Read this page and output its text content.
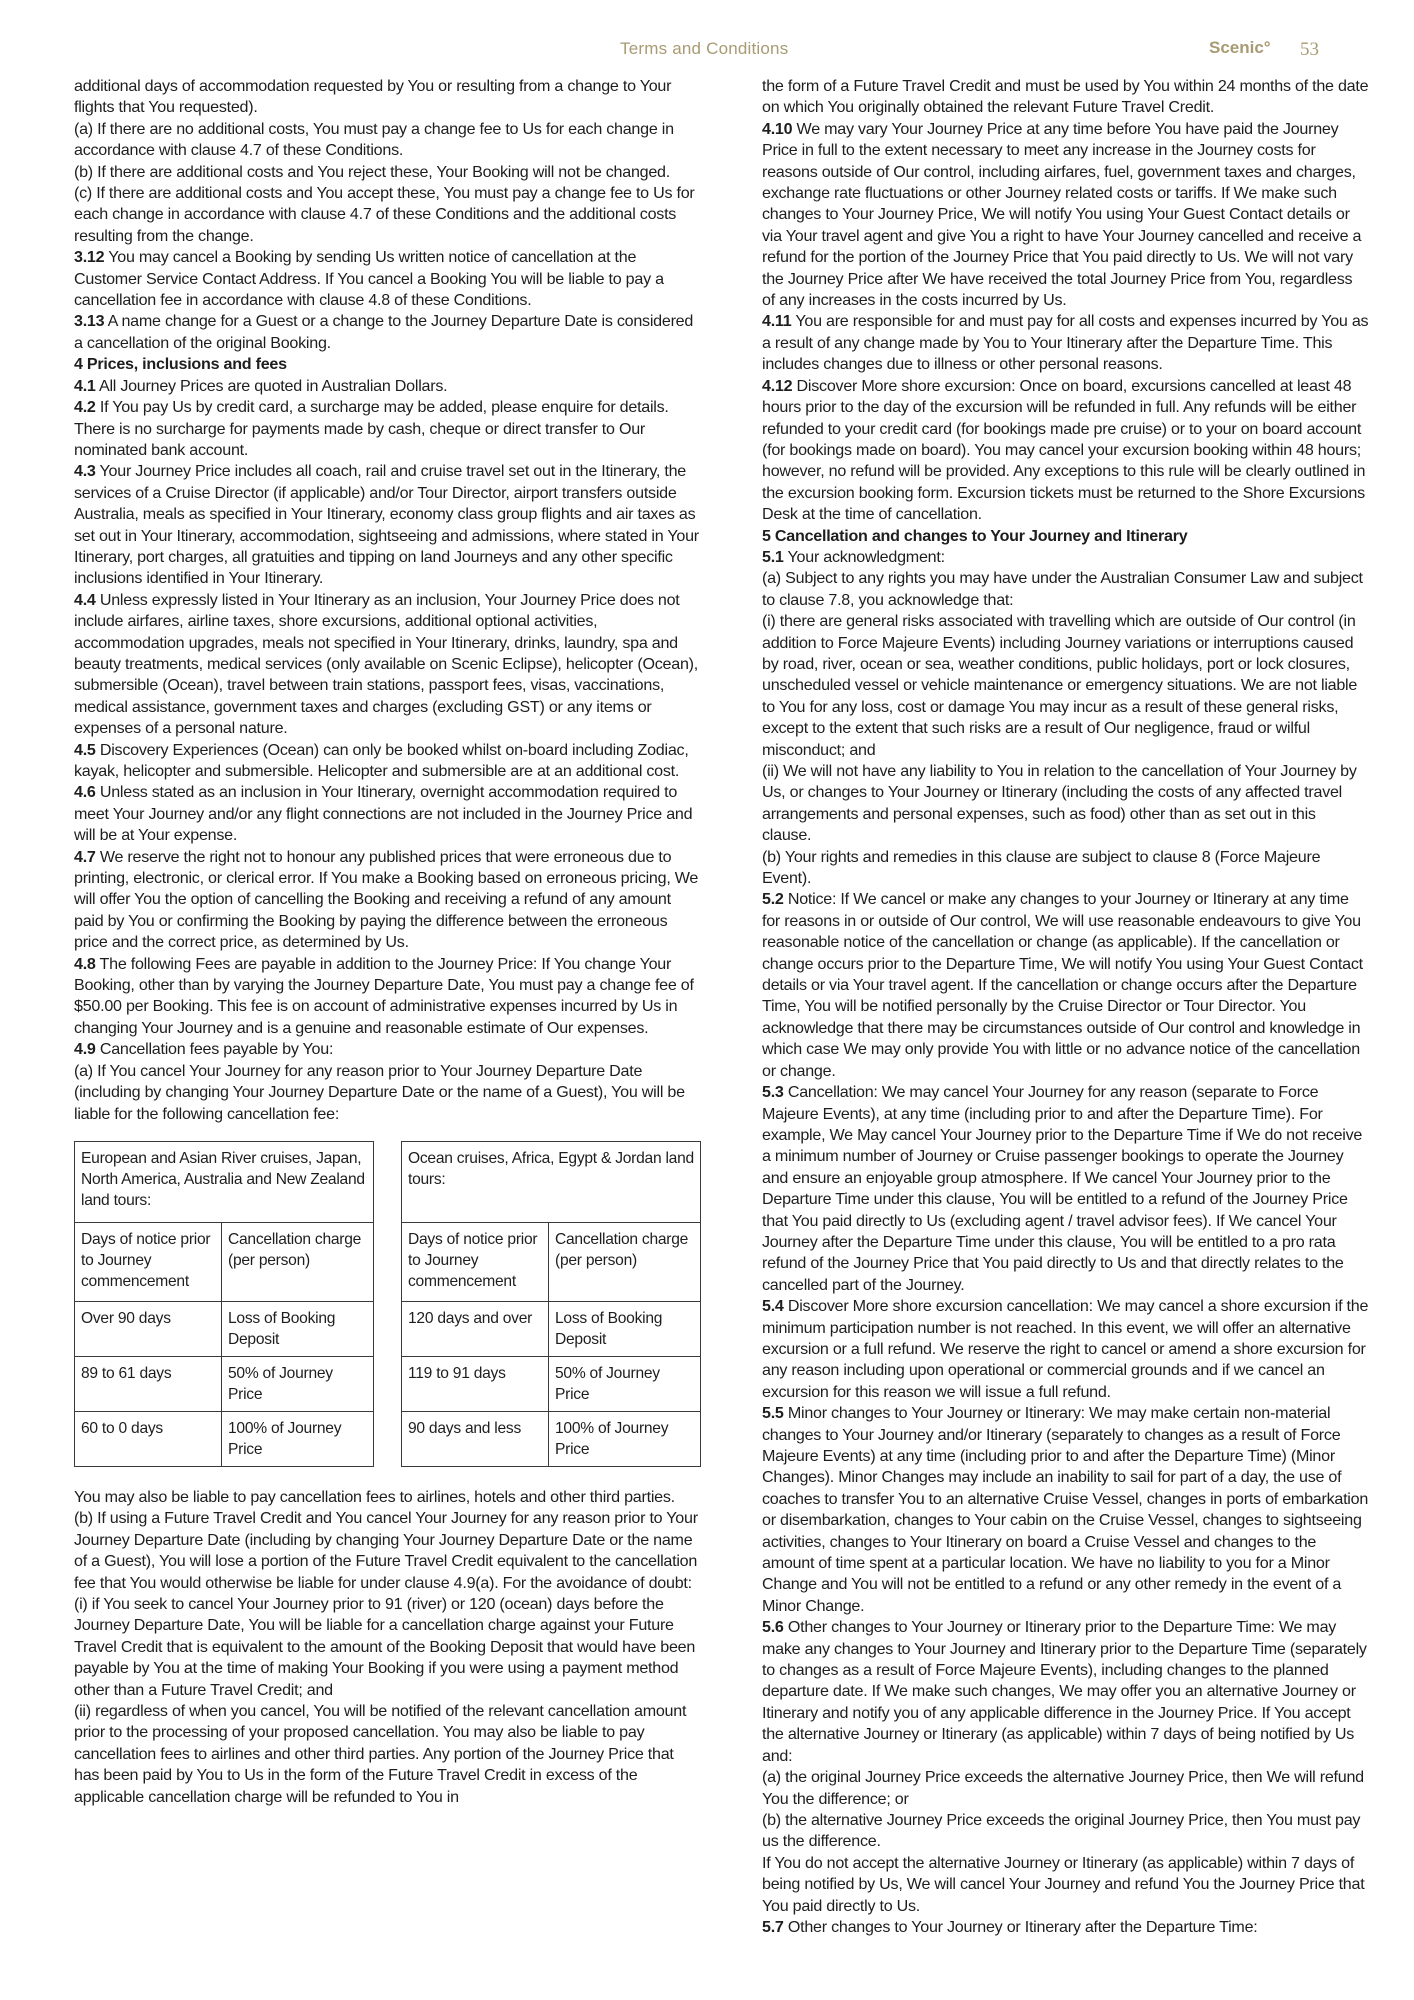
Terms and Conditions	Scenic° 53

additional days of accommodation requested by You or resulting from a change to Your flights that You requested).

(a) If there are no additional costs, You must pay a change fee to Us for each change in accordance with clause 4.7 of these Conditions.

(b) If there are additional costs and You reject these, Your Booking will not be changed.

(c) If there are additional costs and You accept these, You must pay a change fee to Us for each change in accordance with clause 4.7 of these Conditions and the additional costs resulting from the change.

3.12 You may cancel a Booking by sending Us written notice of cancellation at the Customer Service Contact Address. If You cancel a Booking You will be liable to pay a cancellation fee in accordance with clause 4.8 of these Conditions.

3.13 A name change for a Guest or a change to the Journey Departure Date is considered a cancellation of the original Booking.

4 Prices, inclusions and fees

4.1 All Journey Prices are quoted in Australian Dollars.

4.2 If You pay Us by credit card, a surcharge may be added, please enquire for details. There is no surcharge for payments made by cash, cheque or direct transfer to Our nominated bank account.

4.3 Your Journey Price includes all coach, rail and cruise travel set out in the Itinerary, the services of a Cruise Director (if applicable) and/or Tour Director, airport transfers outside Australia, meals as specified in Your Itinerary, economy class group flights and air taxes as set out in Your Itinerary, accommodation, sightseeing and admissions, where stated in Your Itinerary, port charges, all gratuities and tipping on land Journeys and any other specific inclusions identified in Your Itinerary.

4.4 Unless expressly listed in Your Itinerary as an inclusion, Your Journey Price does not include airfares, airline taxes, shore excursions, additional optional activities, accommodation upgrades, meals not specified in Your Itinerary, drinks, laundry, spa and beauty treatments, medical services (only available on Scenic Eclipse), helicopter (Ocean), submersible (Ocean), travel between train stations, passport fees, visas, vaccinations, medical assistance, government taxes and charges (excluding GST) or any items or expenses of a personal nature.

4.5 Discovery Experiences (Ocean) can only be booked whilst on-board including Zodiac, kayak, helicopter and submersible. Helicopter and submersible are at an additional cost.

4.6 Unless stated as an inclusion in Your Itinerary, overnight accommodation required to meet Your Journey and/or any flight connections are not included in the Journey Price and will be at Your expense.

4.7 We reserve the right not to honour any published prices that were erroneous due to printing, electronic, or clerical error. If You make a Booking based on erroneous pricing, We will offer You the option of cancelling the Booking and receiving a refund of any amount paid by You or confirming the Booking by paying the difference between the erroneous price and the correct price, as determined by Us.

4.8 The following Fees are payable in addition to the Journey Price: If You change Your Booking, other than by varying the Journey Departure Date, You must pay a change fee of $50.00 per Booking. This fee is on account of administrative expenses incurred by Us in changing Your Journey and is a genuine and reasonable estimate of Our expenses.

4.9 Cancellation fees payable by You:

(a) If You cancel Your Journey for any reason prior to Your Journey Departure Date (including by changing Your Journey Departure Date or the name of a Guest), You will be liable for the following cancellation fee:

European and Asian River cruises, Japan, North America, Australia and New Zealand land tours:	
Days of notice prior to Journey commencement	Cancellation charge (per person)
Over 90 days	Loss of Booking Deposit
89 to 61 days	50% of Journey Price
60 to 0 days	100% of Journey Price
Ocean cruises, Africa, Egypt & Jordan land tours:	
Days of notice prior to Journey commencement	Cancellation charge (per person)
120 days and over	Loss of Booking Deposit
119 to 91 days	50% of Journey Price
90 days and less	100% of Journey Price

You may also be liable to pay cancellation fees to airlines, hotels and other third parties.

(b) If using a Future Travel Credit and You cancel Your Journey for any reason prior to Your Journey Departure Date (including by changing Your Journey Departure Date or the name of a Guest), You will lose a portion of the Future Travel Credit equivalent to the cancellation fee that You would otherwise be liable for under clause 4.9(a). For the avoidance of doubt:

(i) if You seek to cancel Your Journey prior to 91 (river) or 120 (ocean) days before the Journey Departure Date, You will be liable for a cancellation charge against your Future Travel Credit that is equivalent to the amount of the Booking Deposit that would have been payable by You at the time of making Your Booking if you were using a payment method other than a Future Travel Credit; and

(ii) regardless of when you cancel, You will be notified of the relevant cancellation amount prior to the processing of your proposed cancellation. You may also be liable to pay cancellation fees to airlines and other third parties. Any portion of the Journey Price that has been paid by You to Us in the form of the Future Travel Credit in excess of the applicable cancellation charge will be refunded to You in

the form of a Future Travel Credit and must be used by You within 24 months of the date on which You originally obtained the relevant Future Travel Credit.

4.10 We may vary Your Journey Price at any time before You have paid the Journey Price in full to the extent necessary to meet any increase in the Journey costs for reasons outside of Our control, including airfares, fuel, government taxes and charges, exchange rate fluctuations or other Journey related costs or tariffs. If We make such changes to Your Journey Price, We will notify You using Your Guest Contact details or via Your travel agent and give You a right to have Your Journey cancelled and receive a refund for the portion of the Journey Price that You paid directly to Us. We will not vary the Journey Price after We have received the total Journey Price from You, regardless of any increases in the costs incurred by Us.

4.11 You are responsible for and must pay for all costs and expenses incurred by You as a result of any change made by You to Your Itinerary after the Departure Time. This includes changes due to illness or other personal reasons.

4.12 Discover More shore excursion: Once on board, excursions cancelled at least 48 hours prior to the day of the excursion will be refunded in full. Any refunds will be either refunded to your credit card (for bookings made pre cruise) or to your on board account (for bookings made on board). You may cancel your excursion booking within 48 hours; however, no refund will be provided. Any exceptions to this rule will be clearly outlined in the excursion booking form. Excursion tickets must be returned to the Shore Excursions Desk at the time of cancellation.

5 Cancellation and changes to Your Journey and Itinerary

5.1 Your acknowledgment:

(a) Subject to any rights you may have under the Australian Consumer Law and subject to clause 7.8, you acknowledge that:

(i) there are general risks associated with travelling which are outside of Our control (in addition to Force Majeure Events) including Journey variations or interruptions caused by road, river, ocean or sea, weather conditions, public holidays, port or lock closures, unscheduled vessel or vehicle maintenance or emergency situations. We are not liable to You for any loss, cost or damage You may incur as a result of these general risks, except to the extent that such risks are a result of Our negligence, fraud or wilful misconduct; and

(ii) We will not have any liability to You in relation to the cancellation of Your Journey by Us, or changes to Your Journey or Itinerary (including the costs of any affected travel arrangements and personal expenses, such as food) other than as set out in this clause.

(b) Your rights and remedies in this clause are subject to clause 8 (Force Majeure Event).

5.2 Notice: If We cancel or make any changes to your Journey or Itinerary at any time for reasons in or outside of Our control, We will use reasonable endeavours to give You reasonable notice of the cancellation or change (as applicable). If the cancellation or change occurs prior to the Departure Time, We will notify You using Your Guest Contact details or via Your travel agent. If the cancellation or change occurs after the Departure Time, You will be notified personally by the Cruise Director or Tour Director. You acknowledge that there may be circumstances outside of Our control and knowledge in which case We may only provide You with little or no advance notice of the cancellation or change.

5.3 Cancellation: We may cancel Your Journey for any reason (separate to Force Majeure Events), at any time (including prior to and after the Departure Time). For example, We May cancel Your Journey prior to the Departure Time if We do not receive a minimum number of Journey or Cruise passenger bookings to operate the Journey and ensure an enjoyable group atmosphere. If We cancel Your Journey prior to the Departure Time under this clause, You will be entitled to a refund of the Journey Price that You paid directly to Us (excluding agent / travel advisor fees). If We cancel Your Journey after the Departure Time under this clause, You will be entitled to a pro rata refund of the Journey Price that You paid directly to Us and that directly relates to the cancelled part of the Journey.

5.4 Discover More shore excursion cancellation: We may cancel a shore excursion if the minimum participation number is not reached. In this event, we will offer an alternative excursion or a full refund. We reserve the right to cancel or amend a shore excursion for any reason including upon operational or commercial grounds and if we cancel an excursion for this reason we will issue a full refund.

5.5 Minor changes to Your Journey or Itinerary: We may make certain non-material changes to Your Journey and/or Itinerary (separately to changes as a result of Force Majeure Events) at any time (including prior to and after the Departure Time) (Minor Changes). Minor Changes may include an inability to sail for part of a day, the use of coaches to transfer You to an alternative Cruise Vessel, changes in ports of embarkation or disembarkation, changes to Your cabin on the Cruise Vessel, changes to sightseeing activities, changes to Your Itinerary on board a Cruise Vessel and changes to the amount of time spent at a particular location. We have no liability to you for a Minor Change and You will not be entitled to a refund or any other remedy in the event of a Minor Change.

5.6 Other changes to Your Journey or Itinerary prior to the Departure Time: We may make any changes to Your Journey and Itinerary prior to the Departure Time (separately to changes as a result of Force Majeure Events), including changes to the planned departure date. If We make such changes, We may offer you an alternative Journey or Itinerary and notify you of any applicable difference in the Journey Price. If You accept the alternative Journey or Itinerary (as applicable) within 7 days of being notified by Us and:

(a) the original Journey Price exceeds the alternative Journey Price, then We will refund You the difference; or

(b) the alternative Journey Price exceeds the original Journey Price, then You must pay us the difference.

If You do not accept the alternative Journey or Itinerary (as applicable) within 7 days of being notified by Us, We will cancel Your Journey and refund You the Journey Price that You paid directly to Us.

5.7 Other changes to Your Journey or Itinerary after the Departure Time:
